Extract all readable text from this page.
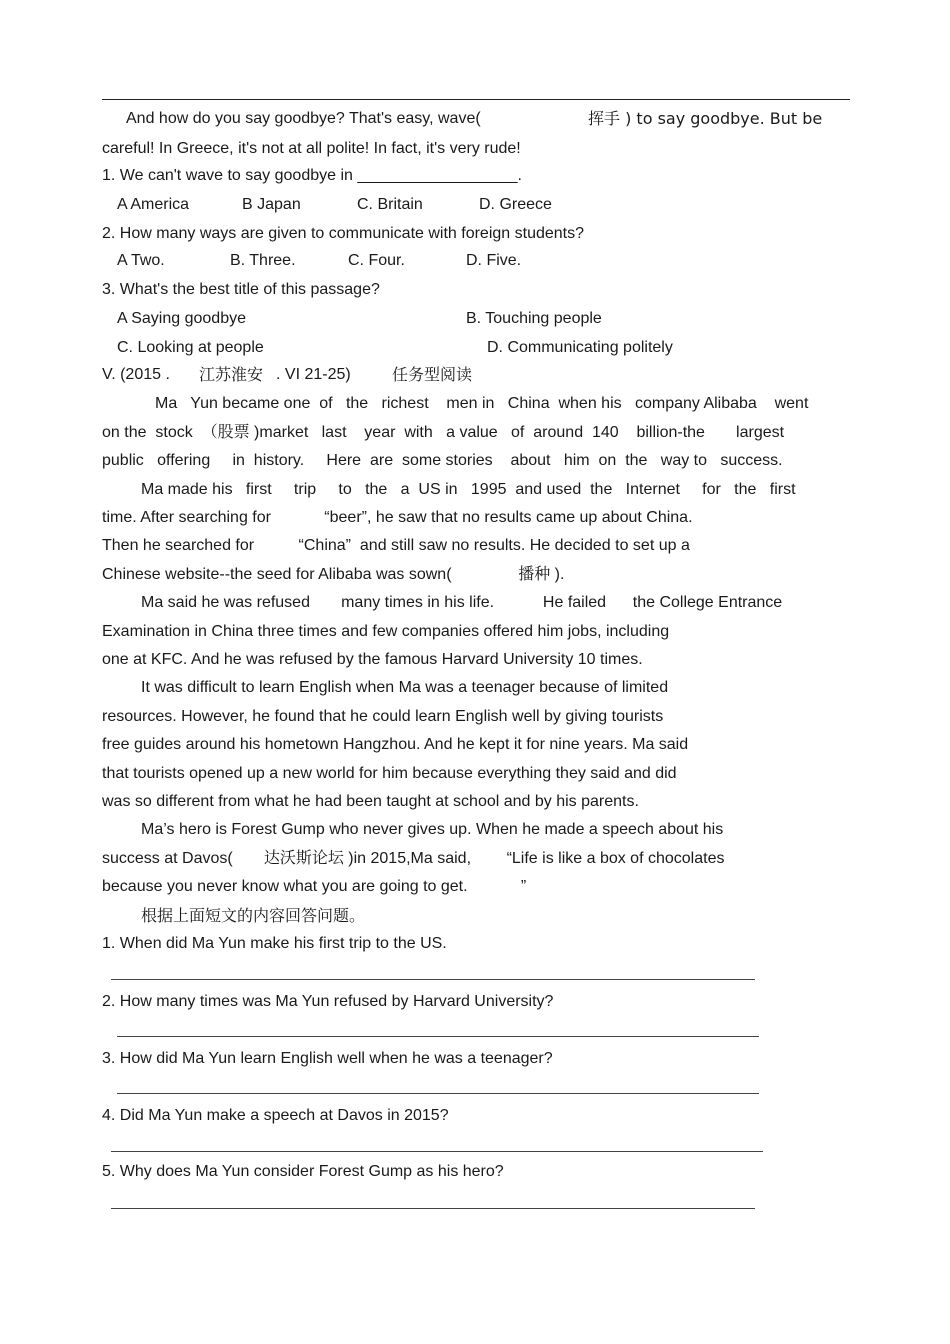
And how do you say goodbye? That's easy, wave(	挥手 ) to say goodbye. But be
careful! In Greece, it's not at all polite! In fact, it's very rude!
1. We can't wave to say goodbye in __________________.
A America	B Japan	C. Britain	D. Greece
2. How many ways are given to communicate with foreign students?
A Two.	B. Three.	C. Four.	D. Five.
3. What's the best title of this passage?
A Saying goodbye	B. Touching people
C. Looking at people	D. Communicating politely
V. (2015 . 江苏淮安 . VI 21-25)	任务型阅读
Ma   Yun became one  of   the   richest    men in   China  when his   company Alibaba    went
on the  stock  （股票 )market   last    year  with   a value   of  around  140    billion-the       largest
public   offering     in  history.     Here  are  some stories    about   him  on  the   way to   success.
Ma made his   first     trip     to   the   a  US in   1995  and used  the   Internet     for   the   first
time. After searching for            “beer”, he saw that no results came up about China.
Then he searched for          “China”  and still saw no results. He decided to set up a
Chinese website--the seed for Alibaba was sown(               播种 ).
Ma said he was refused       many times in his life.           He failed      the College Entrance
Examination in China three times and few companies offered him jobs, including
one at KFC. And he was refused by the famous Harvard University 10 times.
It was difficult to learn English when Ma was a teenager because of limited
resources. However, he found that he could learn English well by giving tourists
free guides around his hometown Hangzhou. And he kept it for nine years. Ma said
that tourists opened up a new world for him because everything they said and did
was so different from what he had been taught at school and by his parents.
Ma’s hero is Forest Gump who never gives up. When he made a speech about his
success at Davos(       达沃斯论坛 )in 2015,Ma said,        “Life is like a box of chocolates
because you never know what you are going to get.            ”
根据上面短文的内容回答问题。
1. When did Ma Yun make his first trip to the US.
2. How many times was Ma Yun refused by Harvard University?
3. How did Ma Yun learn English well when he was a teenager?
4. Did Ma Yun make a speech at Davos in 2015?
5. Why does Ma Yun consider Forest Gump as his hero?
